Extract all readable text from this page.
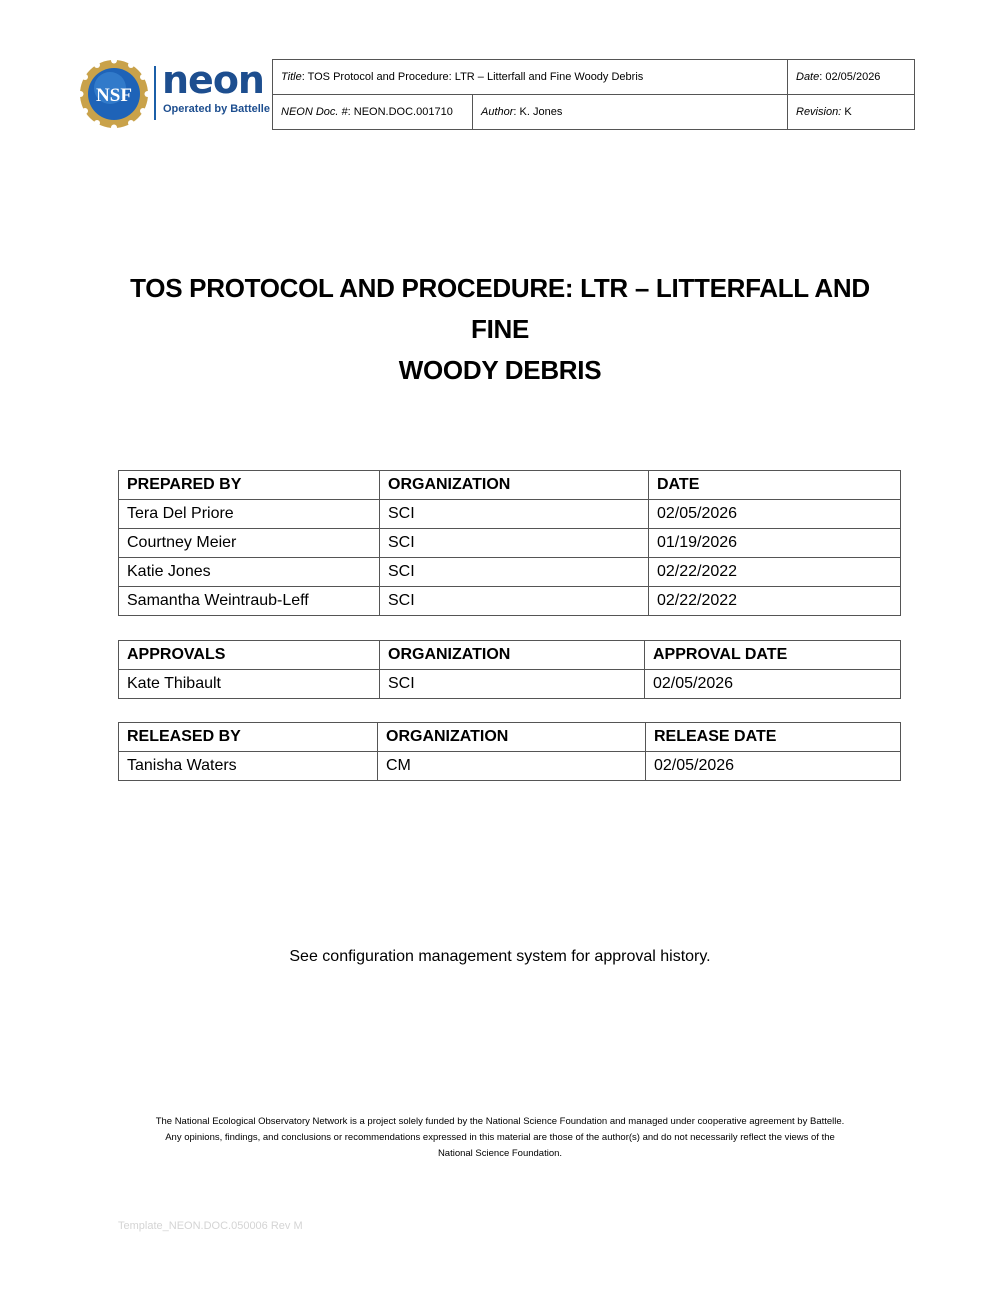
NSF neon
Operated by Battelle
Title: TOS Protocol and Procedure: LTR – Litterfall and Fine Woody Debris		Date: 02/05/2026
NEON Doc. #: NEON.DOC.001710	Author: K. Jones	Revision: K
TOS PROTOCOL AND PROCEDURE: LTR – LITTERFALL AND FINE
WOODY DEBRIS
PREPARED BY	ORGANIZATION	DATE
Tera Del Priore	SCI	02/05/2026
Courtney Meier	SCI	01/19/2026
Katie Jones	SCI	02/22/2022
Samantha Weintraub-Leff	SCI	02/22/2022
APPROVALS	ORGANIZATION	APPROVAL DATE
Kate Thibault	SCI	02/05/2026
RELEASED BY	ORGANIZATION	RELEASE DATE
Tanisha Waters	CM	02/05/2026
See configuration management system for approval history.
The National Ecological Observatory Network is a project solely funded by the National Science Foundation and managed under cooperative agreement by Battelle.
Any opinions, findings, and conclusions or recommendations expressed in this material are those of the author(s) and do not necessarily reflect the views of the
National Science Foundation.
Template_NEON.DOC.050006 Rev M
